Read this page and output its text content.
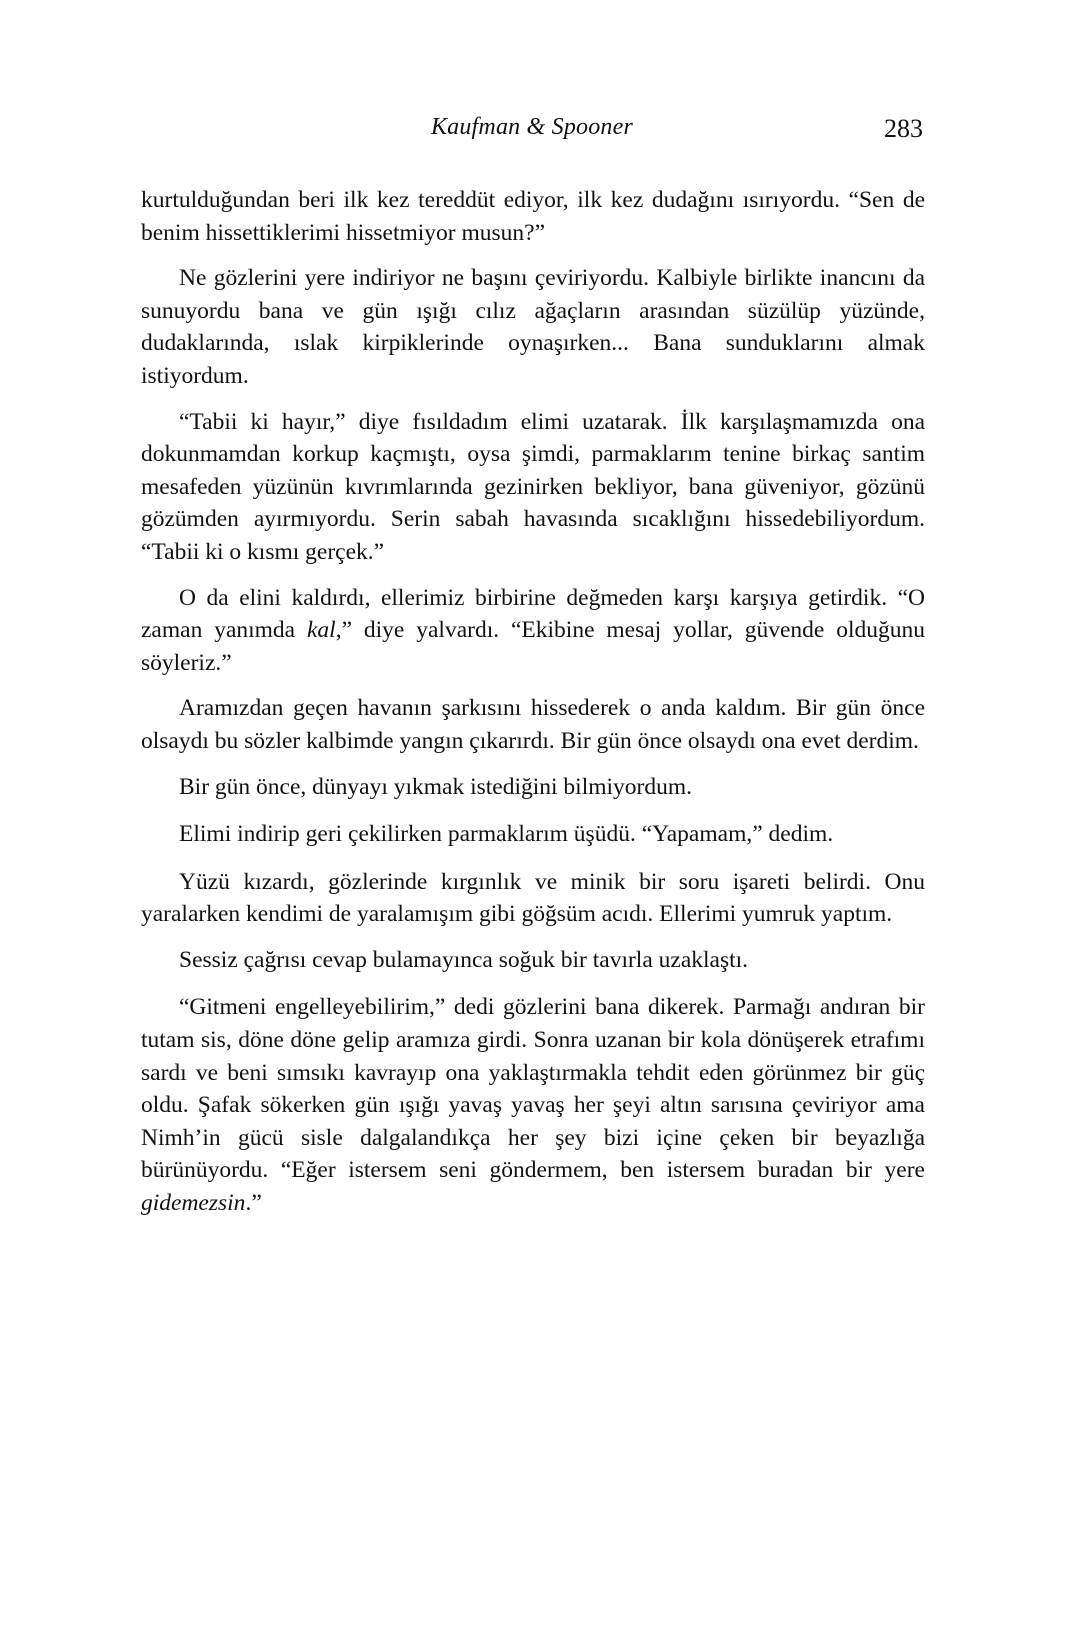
Kaufman & Spooner	283

kurtulduğundan beri ilk kez tereddüt ediyor, ilk kez dudağını ısırıyordu. “Sen de benim hissettiklerimi hissetmiyor musun?”

Ne gözlerini yere indiriyor ne başını çeviriyordu. Kalbiyle birlikte inancını da sunuyordu bana ve gün ışığı cılız ağaçların arasından süzülüp yüzünde, dudaklarında, ıslak kirpiklerinde oynaşırken... Bana sunduklarını almak istiyordum.

“Tabii ki hayır,” diye fısıldadım elimi uzatarak. İlk karşılaşmamızda ona dokunmamdan korkup kaçmıştı, oysa şimdi, parmaklarım tenine birkaç santim mesafeden yüzünün kıvrımlarında gezinirken bekliyor, bana güveniyor, gözünü gözümden ayırmıyordu. Serin sabah havasında sıcaklığını hissedebiliyordum. “Tabii ki o kısmı gerçek.”

O da elini kaldırdı, ellerimiz birbirine değmeden karşı karşıya getirdik. “O zaman yanımda kal,” diye yalvardı. “Ekibine mesaj yollar, güvende olduğunu söyleriz.”

Aramızdan geçen havanın şarkısını hissederek o anda kaldım. Bir gün önce olsaydı bu sözler kalbimde yangın çıkarırdı. Bir gün önce olsaydı ona evet derdim.

Bir gün önce, dünyayı yıkmak istediğini bilmiyordum.

Elimi indirip geri çekilirken parmaklarım üşüdü. “Yapamam,” dedim.

Yüzü kızardı, gözlerinde kırgınlık ve minik bir soru işareti belirdi. Onu yaralarken kendimi de yaralamışım gibi göğsüm acıdı. Ellerimi yumruk yaptım.

Sessiz çağrısı cevap bulamayınca soğuk bir tavırla uzaklaştı.

“Gitmeni engelleyebilirim,” dedi gözlerini bana dikerek. Parmağı andıran bir tutam sis, döne döne gelip aramıza girdi. Sonra uzanan bir kola dönüşerek etrafımı sardı ve beni sımsıkı kavrayıp ona yaklaştırmakla tehdit eden görünmez bir güç oldu. Şafak sökerken gün ışığı yavaş yavaş her şeyi altın sarısına çeviriyor ama Nimh’in gücü sisle dalgalandıkça her şey bizi içine çeken bir beyazlığa bürünüyordu. “Eğer istersem seni göndermem, ben istersem buradan bir yere gidemezsin.”
